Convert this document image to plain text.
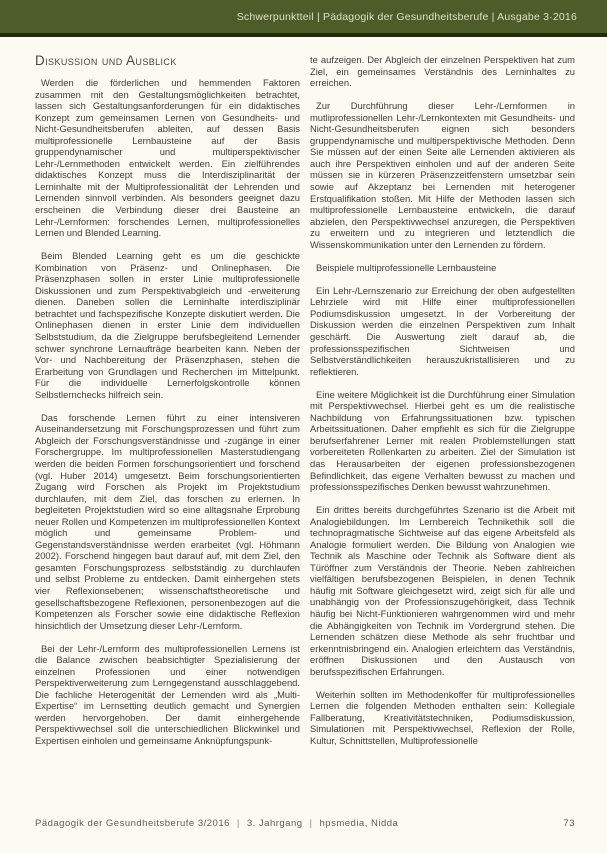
Schwerpunktteil | Pädagogik der Gesundheitsberufe | Ausgabe 3·2016
Diskussion und Ausblick

Werden die förderlichen und hemmenden Faktoren zusammen mit den Gestaltungsmöglichkeiten betrachtet, lassen sich Gestaltungsanforderungen für ein didaktisches Konzept zum gemeinsamen Lernen von Gesundheits- und Nicht-Gesundheitsberufen ableiten, auf dessen Basis multiprofessionelle Lernbausteine auf der Basis gruppendynamischer und multiperspektivischer Lehr-/Lernmethoden entwickelt werden. Ein zielführendes didaktisches Konzept muss die Interdisziplinarität der Lerninhalte mit der Multiprofessionalität der Lehrenden und Lernenden sinnvoll verbinden. Als besonders geeignet dazu erscheinen die Verbindung dieser drei Bausteine an Lehr-/Lernformen: forschendes Lernen, multiprofessionelles Lernen und Blended Learning.

Beim Blended Learning geht es um die geschickte Kombination von Präsenz- und Onlinephasen. Die Präsenzphasen sollen in erster Linie multiprofessionelle Diskussionen und zum Perspektivabgleich und -erweiterung dienen. Daneben sollen die Lerninhalte interdisziplinär betrachtet und fachspezifische Konzepte diskutiert werden. Die Onlinephasen dienen in erster Linie dem individuellen Selbststudium, da die Zielgruppe berufsbegleitend Lernender schwer synchrone Lernaufträge bearbeiten kann. Neben der Vor- und Nachbereitung der Präsenzphasen, stehen die Erarbeitung von Grundlagen und Recherchen im Mittelpunkt. Für die individuelle Lernerfolgskontrolle können Selbstlernchecks hilfreich sein.

Das forschende Lernen führt zu einer intensiveren Auseinandersetzung mit Forschungsprozessen und führt zum Abgleich der Forschungsverständnisse und -zugänge in einer Forschergruppe. Im multiprofessionellen Masterstudiengang werden die beiden Formen forschungsorientiert und forschend (vgl. Huber 2014) umgesetzt. Beim forschungsorientierten Zugang wird Forschen als Projekt im Projektstudium durchlaufen, mit dem Ziel, das forschen zu erlernen. In begleiteten Projektstudien wird so eine alltagsnahe Erprobung neuer Rollen und Kompetenzen im multiprofessionellen Kontext möglich und gemeinsame Problem- und Gegenstandsverständnisse werden erarbeitet (vgl. Höhmann 2002). Forschend hingegen baut darauf auf, mit dem Ziel, den gesamten Forschungsprozess selbstständig zu durchlaufen und selbst Probleme zu entdecken. Damit einhergehen stets vier Reflexionsebenen; wissenschaftstheoretische und gesellschaftsbezogene Reflexionen, personenbezogen auf die Kompetenzen als Forscher sowie eine didaktische Reflexion hinsichtlich der Umsetzung dieser Lehr-/Lernform.

Bei der Lehr-/Lernform des multiprofessionellen Lernens ist die Balance zwischen beabsichtigter Spezialisierung der einzelnen Professionen und einer notwendigen Perspektiverweiterung zum Lerngegenstand ausschlaggebend. Die fachliche Heterogenität der Lernenden wird als „Multi-Expertise“ im Lernsetting deutlich gemacht und Synergien werden hervorgehoben. Der damit einhergehende Perspektivwechsel soll die unterschiedlichen Blickwinkel und Expertisen einholen und gemeinsame Anknüpfungspunk-

te aufzeigen. Der Abgleich der einzelnen Perspektiven hat zum Ziel, ein gemeinsames Verständnis des Lerninhaltes zu erreichen.

Zur Durchführung dieser Lehr-/Lernformen in mutliprofessionellen Lehr-/Lernkontexten mit Gesundheits- und Nicht-Gesundheitsberufen eignen sich besonders gruppendynamische und multiperspektivische Methoden. Denn Sie müssen auf der einen Seite alle Lernenden aktivieren als auch ihre Perspektiven einholen und auf der anderen Seite müssen sie in kürzeren Präsenzzeitfenstern umsetzbar sein sowie auf Akzeptanz bei Lernenden mit heterogener Erstqualifikation stoßen. Mit Hilfe der Methoden lassen sich multiprofessionelle Lernbausteine entwickeln, die darauf abzielen, den Perspektivwechsel anzuregen, die Perspektiven zu erweitern und zu integrieren und letztendlich die Wissenskommunikation unter den Lernenden zu fördern.

Beispiele multiprofessionelle Lernbausteine

Ein Lehr-/Lernszenario zur Erreichung der oben aufgestellten Lehrziele wird mit Hilfe einer multiprofessionellen Podiumsdiskussion umgesetzt. In der Vorbereitung der Diskussion werden die einzelnen Perspektiven zum Inhalt geschärft. Die Auswertung zielt darauf ab, die professionsspezifischen Sichtweisen und Selbstverständlichkeiten herauszukristallisieren und zu reflektieren.

Eine weitere Möglichkeit ist die Durchführung einer Simulation mit Perspektivwechsel. Hierbei geht es um die realistische Nachbildung von Erfahrungssituationen bzw. typischen Arbeitssituationen. Daher empfiehlt es sich für die Zielgruppe berufserfahrener Lerner mit realen Problemstellungen statt vorbereiteten Rollenkarten zu arbeiten. Ziel der Simulation ist das Herausarbeiten der eigenen professionsbezogenen Befindlichkeit, das eigene Verhalten bewusst zu machen und professionsspezifisches Denken bewusst wahrzunehmen.

Ein drittes bereits durchgeführtes Szenario ist die Arbeit mit Analogiebildungen. Im Lernbereich Technikethik soll die technopragmatische Sichtweise auf das eigene Arbeitsfeld als Analogie formuliert werden. Die Bildung von Analogien wie Technik als Maschine oder Technik als Software dient als Türöffner zum Verständnis der Theorie. Neben zahlreichen vielfältigen berufsbezogenen Beispielen, in denen Technik häufig mit Software gleichgesetzt wird, zeigt sich für alle und unabhängig von der Professionszugehörigkeit, dass Technik häufig bei Nicht-Funktionieren wahrgenommen wird und mehr die Abhängigkeiten von Technik im Vordergrund stehen. Die Lernenden schätzen diese Methode als sehr fruchtbar und erkenntnisbringend ein. Analogien erleichtern das Verständnis, eröffnen Diskussionen und den Austausch von berufsspezifischen Erfahrungen.

Weiterhin sollten im Methodenkoffer für multiprofessionelles Lernen die folgenden Methoden enthalten sein: Kollegiale Fallberatung, Kreativitätstechniken, Podiumsdiskussion, Simulationen mit Perspektivwechsel, Reflexion der Rolle, Kultur, Schnittstellen, Multiprofessionelle

Pädagogik der Gesundheitsberufe 3/2016 | 3. Jahrgang | hpsmedia, Nidda	73
